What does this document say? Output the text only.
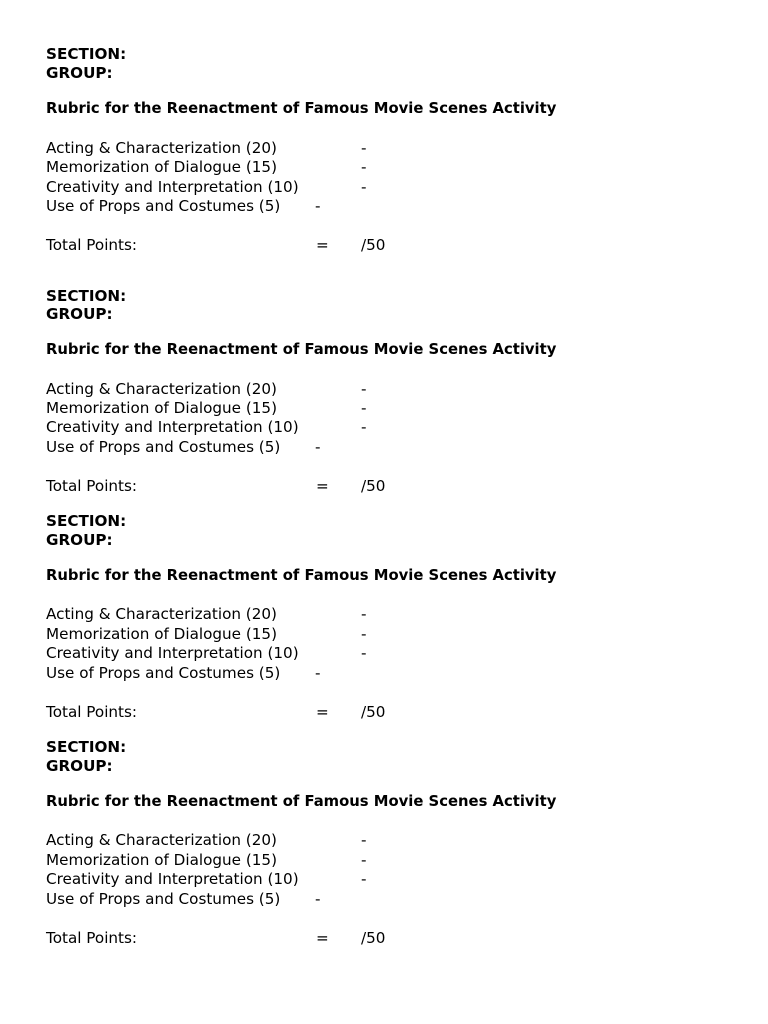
SECTION:
GROUP:
Rubric for the Reenactment of Famous Movie Scenes Activity
Acting & Characterization (20)	-
Memorization of Dialogue (15)	-
Creativity and Interpretation (10)	-
Use of Props and Costumes (5) -
Total Points:	= /50
SECTION:
GROUP:
Rubric for the Reenactment of Famous Movie Scenes Activity
Acting & Characterization (20)	-
Memorization of Dialogue (15)	-
Creativity and Interpretation (10)	-
Use of Props and Costumes (5) -
Total Points:	= /50
SECTION:
GROUP:
Rubric for the Reenactment of Famous Movie Scenes Activity
Acting & Characterization (20)	-
Memorization of Dialogue (15)	-
Creativity and Interpretation (10)	-
Use of Props and Costumes (5) -
Total Points:	= /50
SECTION:
GROUP:
Rubric for the Reenactment of Famous Movie Scenes Activity
Acting & Characterization (20)	-
Memorization of Dialogue (15)	-
Creativity and Interpretation (10)	-
Use of Props and Costumes (5) -
Total Points:	= /50
